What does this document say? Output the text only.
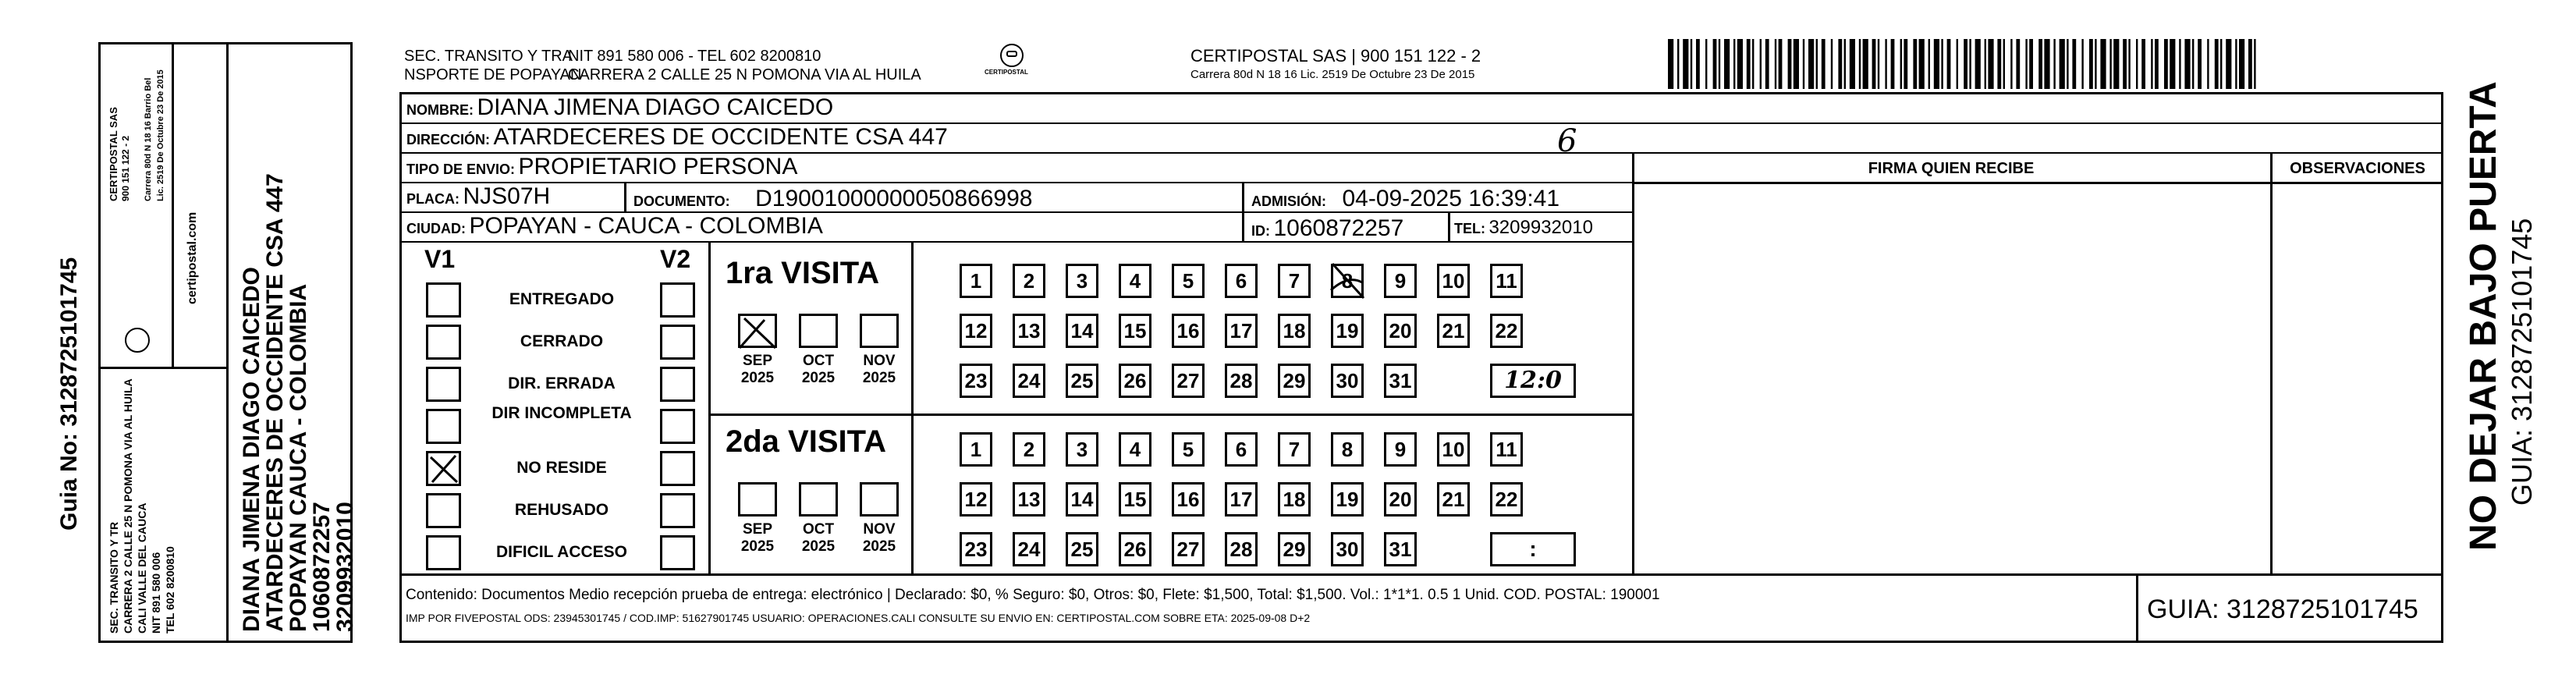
Guia No: 3128725101745
SEC. TRANSITO Y TR CARRERA 2 CALLE 25 N POMONA VIA AL HUILA CALI VALLE DEL CAUCA NIT 891 580 006 TEL 602 8200810
CERTIPOSTAL SAS 900 151 122 - 2 Carrera 80d N 18 16 Barrio Bel Lic. 2519 De Octubre 23 De 2015
certipostal.com
DIANA JIMENA DIAGO CAICEDO
ATARDECERES DE OCCIDENTE CSA 447
POPAYAN CAUCA - COLOMBIA
1060872257
3209932010
SEC. TRANSITO Y TRA
NSPORTE DE POPAYAN
NIT 891 580 006 - TEL 602 8200810
CARRERA 2 CALLE 25 N POMONA VIA AL HUILA	CERTIPOSTAL
CERTIPOSTAL SAS | 900 151 122 - 2
Carrera 80d N 18 16 Lic. 2519 De Octubre 23 De 2015
NOMBRE: DIANA JIMENA DIAGO CAICEDO
DIRECCIÓN: ATARDECERES DE OCCIDENTE CSA 447	6
TIPO DE ENVIO: PROPIETARIO PERSONA
PLACA: NJS07H	DOCUMENTO: D19001000000050866998	ADMISIÓN: 04-09-2025 16:39:41
CIUDAD: POPAYAN - CAUCA - COLOMBIA	ID: 1060872257	TEL: 3209932010
FIRMA QUIEN RECIBE	OBSERVACIONES
V1	V2
ENTREGADO
CERRADO
DIR. ERRADA
DIR INCOMPLETA
NO RESIDE
REHUSADO
DIFICIL ACCESO
1ra VISITA
2da VISITA
SEP
2025
OCT
2025
NOV
2025
1	2	3	4	5	6	7	8	9	10 11
12 13 14 15 16 17 18 19 20 21 22
23 24 25 26 27 28 29 30 31	12:0
SEP
2025
OCT
2025
NOV
2025
1	2	3	4	5	6	7	8	9	10 11
12 13 14 15 16 17 18 19 20 21 22
23 24 25 26 27 28 29 30 31	:
Contenido: Documentos Medio recepción prueba de entrega: electrónico | Declarado: $0, % Seguro: $0, Otros: $0, Flete: $1,500, Total: $1,500. Vol.: 1*1*1. 0.5 1 Unid. COD. POSTAL: 190001
IMP POR FIVEPOSTAL ODS: 23945301745 / COD.IMP: 51627901745 USUARIO: OPERACIONES.CALI CONSULTE SU ENVIO EN: CERTIPOSTAL.COM SOBRE ETA: 2025-09-08 D+2	GUIA: 3128725101745
NO DEJAR BAJO PUERTA GUIA: 3128725101745
